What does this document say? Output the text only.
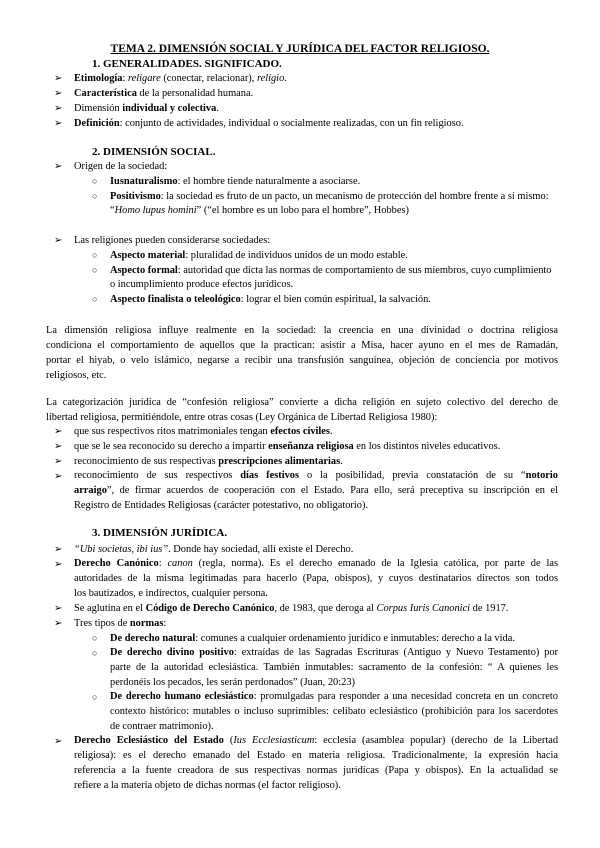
TEMA 2. DIMENSIÓN SOCIAL Y JURÍDICA DEL FACTOR RELIGIOSO.
1. GENERALIDADES. SIGNIFICADO.
➢ Etimología: religare (conectar, relacionar), religio.
➢ Característica de la personalidad humana.
➢ Dimensión individual y colectiva.
➢ Definición: conjunto de actividades, individual o socialmente realizadas, con un fin religioso.
2. DIMENSIÓN SOCIAL.
➢ Origen de la sociedad:
○ Iusnaturalismo: el hombre tiende naturalmente a asociarse.
○ Positivismo: la sociedad es fruto de un pacto, un mecanismo de protección del hombre frente a sí mismo:
“Homo lupus homini” (“el hombre es un lobo para el hombre”, Hobbes)
➢ Las religiones pueden considerarse sociedades:
○ Aspecto material: pluralidad de individuos unidos de un modo estable.
○ Aspecto formal: autoridad que dicta las normas de comportamiento de sus miembros, cuyo cumplimiento
o incumplimiento produce efectos jurídicos.
○ Aspecto finalista o teleológico: lograr el bien común espiritual, la salvación.
La dimensión religiosa influye realmente en la sociedad: la creencia en una divinidad o doctrina religiosa
condiciona el comportamiento de aquellos que la practican: asistir a Misa, hacer ayuno en el mes de Ramadán,
portar el hiyab, o velo islámico, negarse a recibir una transfusión sanguínea, objeción de conciencia por motivos
religiosos, etc.
La categorización jurídica de “confesión religiosa” convierte a dicha religión en sujeto colectivo del derecho de
libertad religiosa, permitiéndole, entre otras cosas (Ley Orgánica de Libertad Religiosa 1980):
➢ que sus respectivos ritos matrimoniales tengan efectos civiles.
➢ que se le sea reconocido su derecho a impartir enseñanza religiosa en los distintos niveles educativos.
➢ reconocimiento de sus respectivas prescripciones alimentarias.
➢ reconocimiento de sus respectivos días festivos o la posibilidad, previa constatación de su “notorio
arraigo”, de firmar acuerdos de cooperación con el Estado. Para ello, será preceptiva su inscripción en el
Registro de Entidades Religiosas (carácter potestativo, no obligatorio).
3. DIMENSIÓN JURÍDICA.
➢ “Ubi societas, ibi ius”. Donde hay sociedad, allí existe el Derecho.
➢ Derecho Canónico: canon (regla, norma). Es el derecho emanado de la Iglesia católica, por parte de las
autoridades de la misma legitimadas para hacerlo (Papa, obispos), y cuyos destinatarios directos son todos
los bautizados, e indirectos, cualquier persona.
➢ Se aglutina en el Código de Derecho Canónico, de 1983, que deroga al Corpus Iuris Canonici de 1917.
➢ Tres tipos de normas:
○ De derecho natural: comunes a cualquier ordenamiento jurídico e inmutables: derecho a la vida.
○ De derecho divino positivo: extraídas de las Sagradas Escrituras (Antiguo y Nuevo Testamento) por
parte de la autoridad eclesiástica. También inmutables: sacramento de la confesión: “ A quienes les
perdonéis los pecados, les serán perdonados” (Juan, 20:23)
○ De derecho humano eclesiástico: promulgadas para responder a una necesidad concreta en un concreto
contexto histórico: mutables o incluso suprimibles: celibato eclesiástico (prohibición para los sacerdotes
de contraer matrimonio).
➢ Derecho Eclesiástico del Estado (Ius Ecclesiasticum: ecclesia (asamblea popular) (derecho de la Libertad
religiosa): es el derecho emanado del Estado en materia religiosa. Tradicionalmente, la expresión hacia
referencia a la fuente creadora de sus respectivas normas jurídicas (Papa y obispos). En la actualidad se
refiere a la materia objeto de dichas normas (el factor religioso).
